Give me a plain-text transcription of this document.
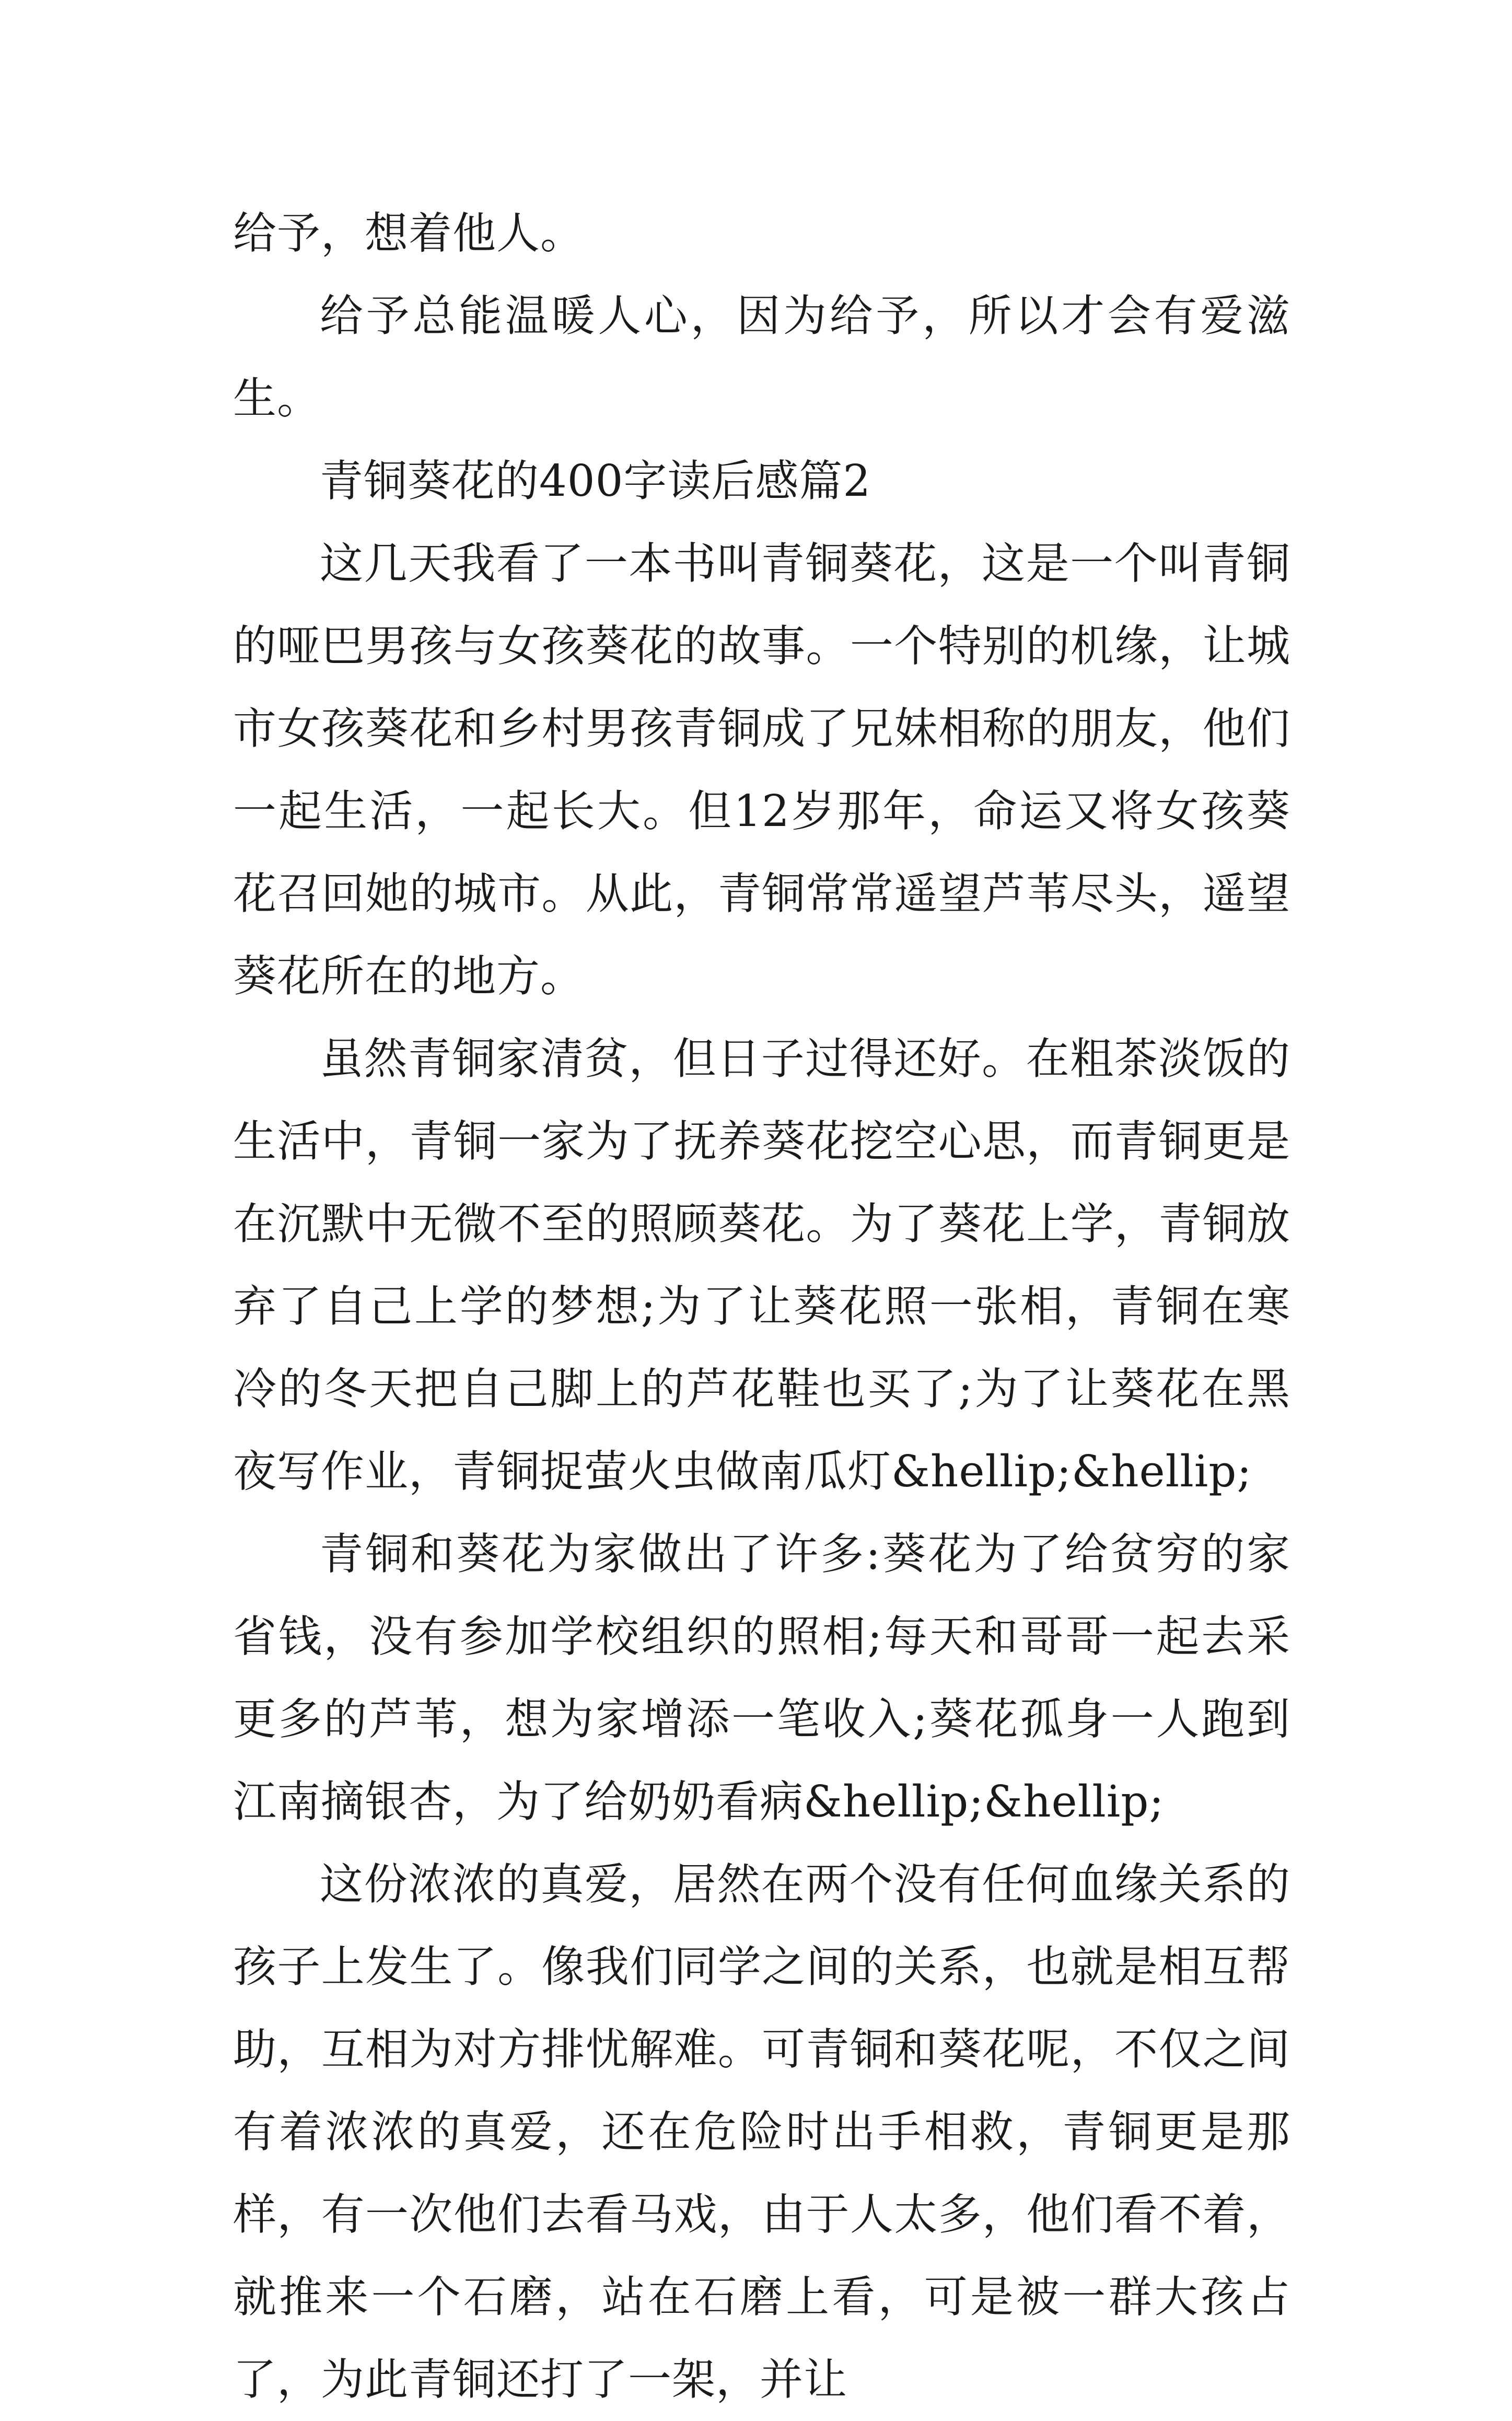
给予，想着他人。

给予总能温暖人心，因为给予，所以才会有爱滋生。

青铜葵花的400字读后感篇2

这几天我看了一本书叫青铜葵花，这是一个叫青铜的哑巴男孩与女孩葵花的故事。一个特别的机缘，让城市女孩葵花和乡村男孩青铜成了兄妹相称的朋友，他们一起生活，一起长大。但12岁那年，命运又将女孩葵花召回她的城市。从此，青铜常常遥望芦苇尽头，遥望葵花所在的地方。

虽然青铜家清贫，但日子过得还好。在粗茶淡饭的生活中，青铜一家为了抚养葵花挖空心思，而青铜更是在沉默中无微不至的照顾葵花。为了葵花上学，青铜放弃了自己上学的梦想;为了让葵花照一张相，青铜在寒冷的冬天把自己脚上的芦花鞋也买了;为了让葵花在黑夜写作业，青铜捉萤火虫做南瓜灯&hellip;&hellip;

青铜和葵花为家做出了许多:葵花为了给贫穷的家省钱，没有参加学校组织的照相;每天和哥哥一起去采更多的芦苇，想为家增添一笔收入;葵花孤身一人跑到江南摘银杏，为了给奶奶看病&hellip;&hellip;

这份浓浓的真爱，居然在两个没有任何血缘关系的孩子上发生了。像我们同学之间的关系，也就是相互帮助，互相为对方排忧解难。可青铜和葵花呢，不仅之间有着浓浓的真爱，还在危险时出手相救，青铜更是那样，有一次他们去看马戏，由于人太多，他们看不着，就推来一个石磨，站在石磨上看，可是被一群大孩占了，为此青铜还打了一架，并让
